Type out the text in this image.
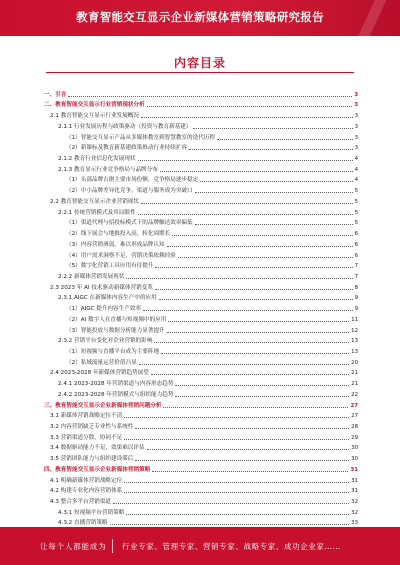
教育智能交互显示企业新媒体营销策略研究报告
内容目录
一、引言	3
二、教育智能交互显示行业营销现状分析	3
2.1 教育智能交互显示行业发展概况	3
2.1.1 行业发展历程与政策驱动（投资与教育新基建）	3
（1）智能交互显示产品从多媒体教室到智慧教室的迭代历程	3
（2）新课标及教育新基建政策推动行业持续扩容	3
2.1.2 教育行业信息化发展现状	4
2.1.3 教育显示行业竞争格局与品牌分布	4
（1）头部品牌占据主要市场份额，竞争格局逐步稳定	4
（2）中小品牌差异化竞争，渠道与服务成为突破口	5
2.2 教育智能交互显示企业营销现状	5
2.2.1 传统营销模式及其局限性	5
（1）渠道代理与招投标模式下的品牌触达效率偏低	5
（2）线下展会与地推投入高，转化周期长	6
（3）内容营销薄弱，难以形成品牌认知	6
（4）用户需求洞察不足，营销决策依赖经验	6
（5）数字化营销工具应用有待提升	7
2.2.2 新媒体营销发展现状	7
2.3 2023 年 AI 技术驱动新媒体营销变革	8
2.3.1 AIGC 在新媒体内容生产中的应用	9
（1）AIGC 提升内容生产效率	9
（2）AI 数字人在直播与短视频中的应用	11
（3）智能投放与数据分析能力显著提升	12
2.3.2 营销平台变化对企业营销的影响	13
（1）短视频与直播平台成为主要阵地	13
（2）私域流量运营价值凸显	20
2.4 2023-2028 年新媒体营销趋势展望	21
2.4.1 2023-2028 年营销渠道与内容形态趋势	21
2.4.2 2023-2028 年营销模式与组织能力趋势	22
三、教育智能交互显示企业新媒体营销问题分析	27
3.1 新媒体营销战略定位不清	27
3.2 内容营销缺乏专业性与系统性	28
3.3 营销渠道分散，协同不足	29
3.4 数据驱动能力不足，效果难以评估	30
3.5 营销团队能力与组织建设滞后	30
四、教育智能交互显示企业新媒体营销策略	31
4.1 明确新媒体营销战略定位	31
4.2 构建专业化内容营销体系	31
4.3 整合多平台营销渠道	32
4.3.1 短视频平台营销策略	32
4.3.2 直播营销策略	33
让每个人都能成为 行业专家、管理专家、营销专家、战略专家、成功企业家……
